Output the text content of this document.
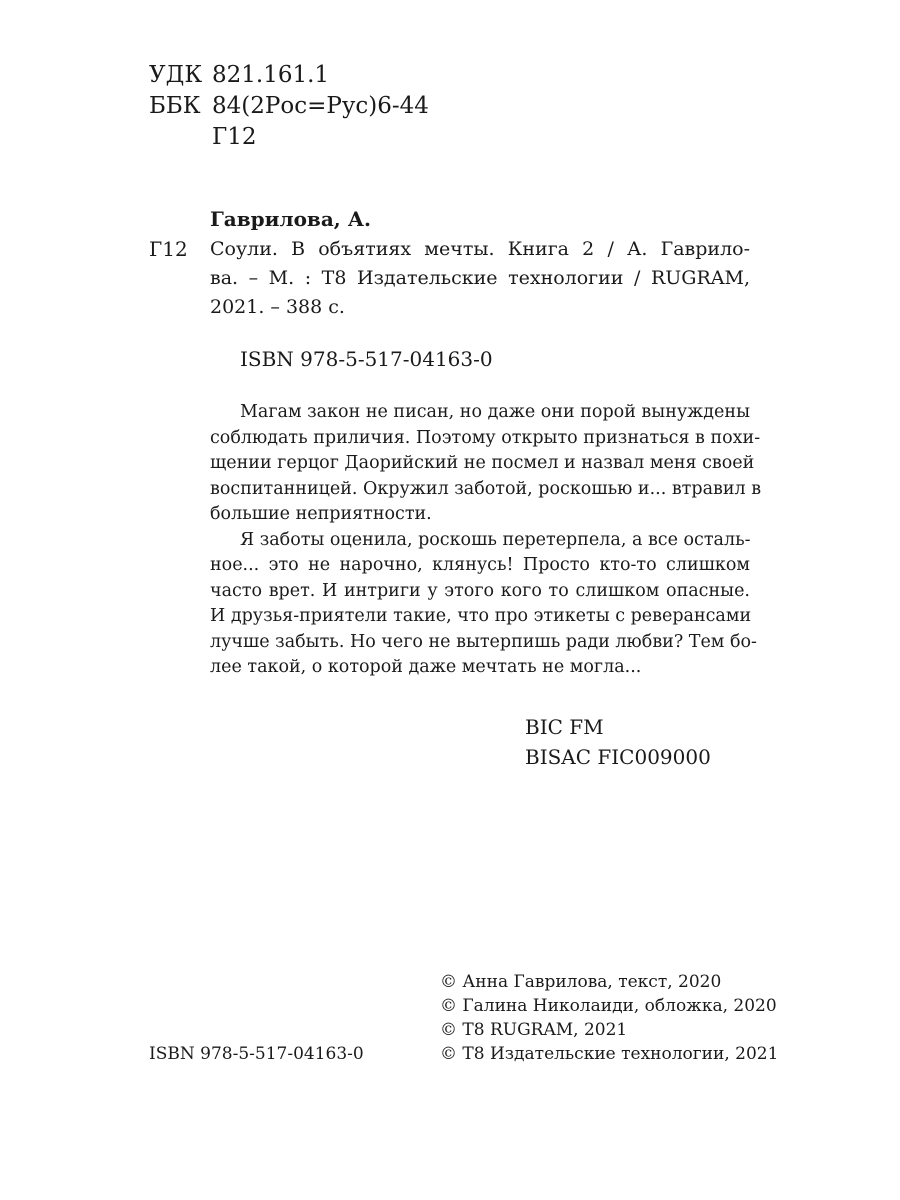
УДК 821.161.1
ББК 84(2Рос=Рус)6-44
Г12
Гаврилова, А.
Г12 Соули. В объятиях мечты. Книга 2 / А. Гаврило-
ва. – М. : T8 Издательские технологии / RUGRAM,
2021. – 388 с.
ISBN 978-5-517-04163-0

Магам закон не писан, но даже они порой вынуждены
соблюдать приличия. Поэтому открыто признаться в похи-
щении герцог Даорийский не посмел и назвал меня своей
воспитанницей. Окружил заботой, роскошью и... втравил в
большие неприятности.

Я заботы оценила, роскошь перетерпела, а все осталь-
ное... это не нарочно, клянусь! Просто кто-то слишком
часто врет. И интриги у этого кого то слишком опасные.
И друзья-приятели такие, что про этикеты с реверансами
лучше забыть. Но чего не вытерпишь ради любви? Тем бо-
лее такой, о которой даже мечтать не могла...

BIC FM
BISAC FIC009000
© Анна Гаврилова, текст, 2020
© Галина Николаиди, обложка, 2020
© T8 RUGRAM, 2021
© T8 Издательские технологии, 2021
ISBN 978-5-517-04163-0
